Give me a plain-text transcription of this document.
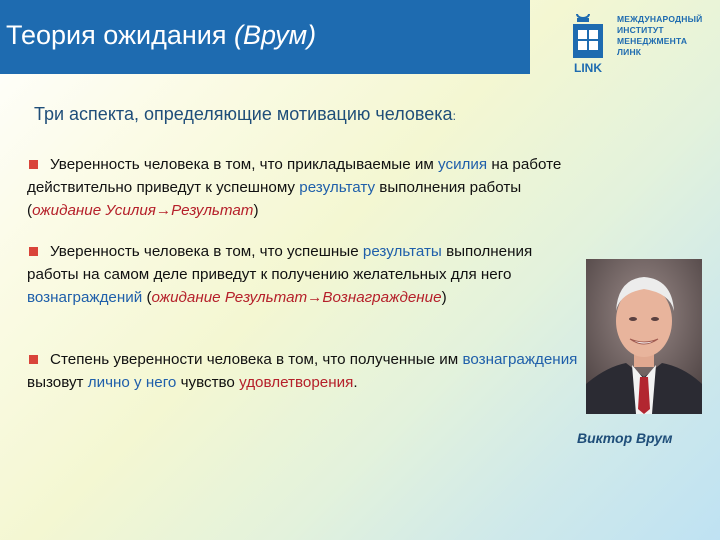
Теория ожидания (Врум)
LINK
МЕЖДУНАРОДНЫЙ
ИНСТИТУТ
МЕНЕДЖМЕНТА
ЛИНК
Три аспекта, определяющие мотивацию человека:
Уверенность человека в том, что прикладываемые им усилия на работе действительно приведут к успешному результату выполнения работы (ожидание Усилия→Результат)
Уверенность человека в том, что успешные результаты выполнения работы на самом деле приведут к получению желательных для него вознаграждений (ожидание Результат→Вознаграждение)
Степень уверенности человека в том, что полученные им вознаграждения вызовут лично у него чувство удовлетворения.
Виктор Врум
